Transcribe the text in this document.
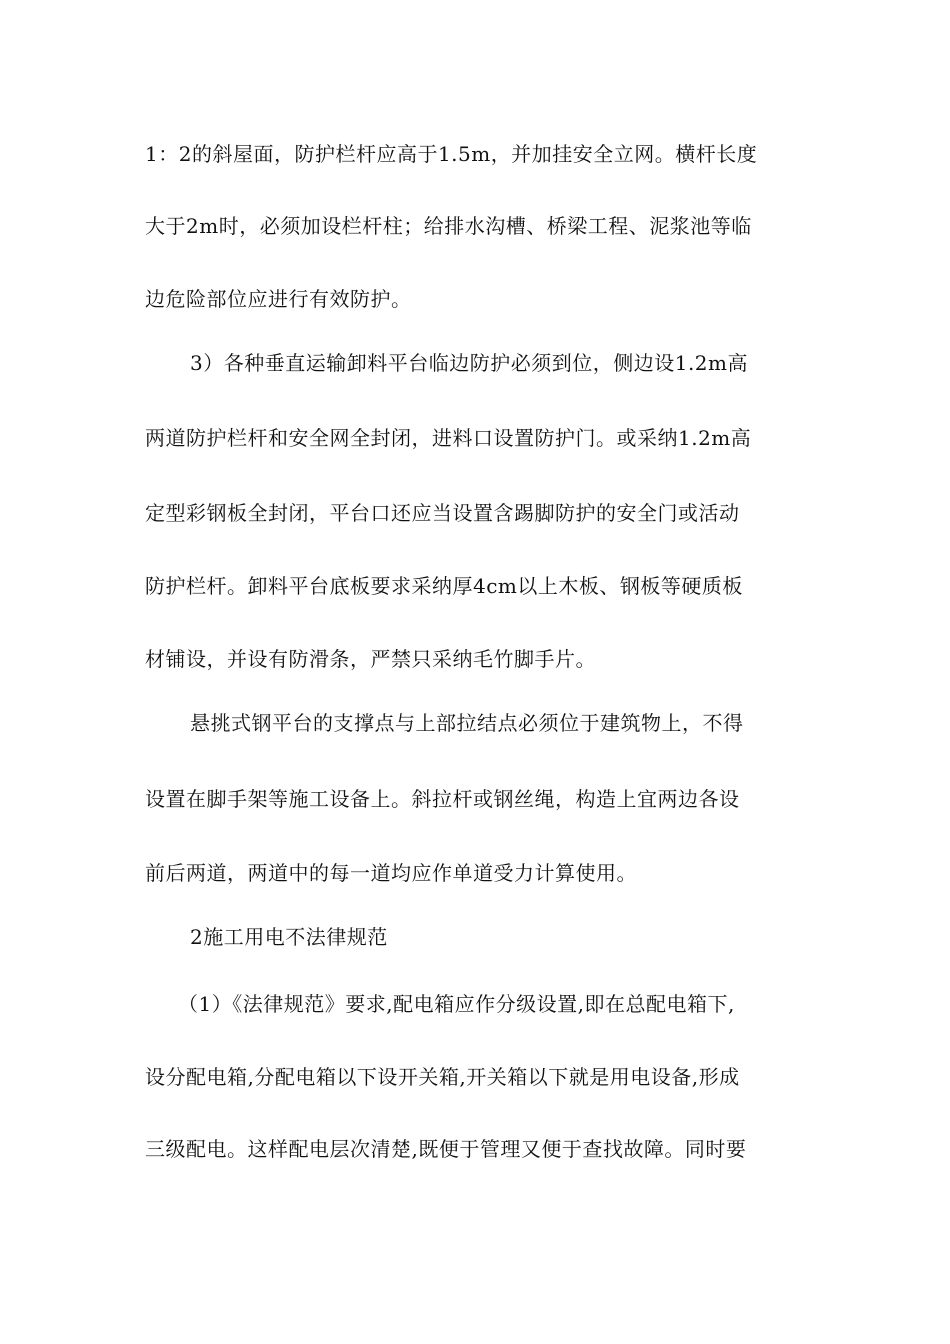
1：2的斜屋面，防护栏杆应高于1.5m，并加挂安全立网。横杆长度
大于2m时，必须加设栏杆柱；给排水沟槽、桥梁工程、泥浆池等临
边危险部位应进行有效防护。
3）各种垂直运输卸料平台临边防护必须到位，侧边设1.2m高
两道防护栏杆和安全网全封闭，进料口设置防护门。或采纳1.2m高
定型彩钢板全封闭，平台口还应当设置含踢脚防护的安全门或活动
防护栏杆。卸料平台底板要求采纳厚4cm以上木板、钢板等硬质板
材铺设，并设有防滑条，严禁只采纳毛竹脚手片。
悬挑式钢平台的支撑点与上部拉结点必须位于建筑物上，不得
设置在脚手架等施工设备上。斜拉杆或钢丝绳，构造上宜两边各设
前后两道，两道中的每一道均应作单道受力计算使用。
2施工用电不法律规范
（1）《法律规范》要求,配电箱应作分级设置,即在总配电箱下,
设分配电箱,分配电箱以下设开关箱,开关箱以下就是用电设备,形成
三级配电。这样配电层次清楚,既便于管理又便于查找故障。同时要
